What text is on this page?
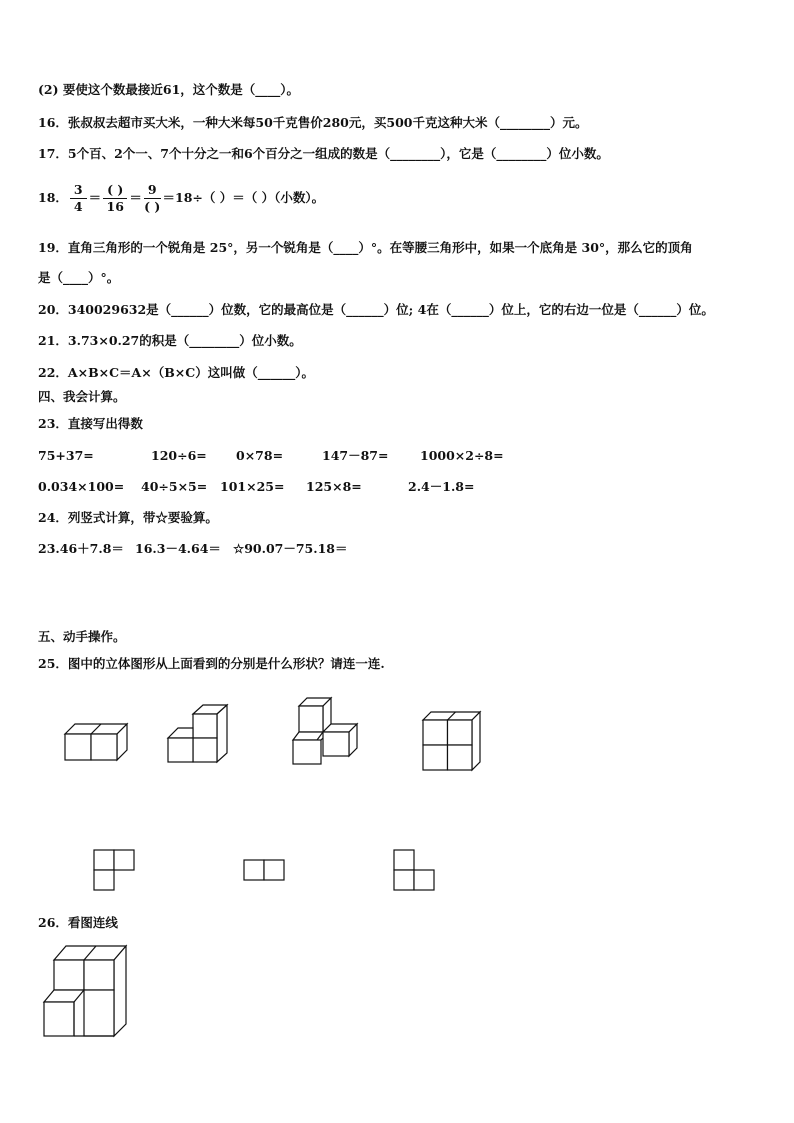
(2) 要使这个数最接近61，这个数是（____）。
16．张叔叔去超市买大米，一种大米每50千克售价280元，买500千克这种大米（________）元。
17．5个百、2个一、7个十分之一和6个百分之一组成的数是（________），它是（________）位小数。
18． $\frac{3}{4} = \frac{( )}{16} = \frac{9}{( )} =18\div$（ ）＝（ ）（小数）。
19．直角三角形的一个锐角是 25°，另一个锐角是（____）°。在等腰三角形中，如果一个底角是 30°，那么它的顶角
是（____）°。
20．340029632是（______）位数，它的最高位是（______）位; 4在（______）位上，它的右边一位是（______）位。
21．3.73×0.27的积是（________）位小数。
22．A×B×C＝A×（B×C）这叫做（______）。
四、我会计算。
23．直接写出得数
75+37=	120÷6= 0×78=	147－87=	1000×2÷8=
0.034×100= 40÷5×5= 101×25= 125×8=	2.4－1.8=
24．列竖式计算，带☆要验算。
23.46＋7.8＝ 16.3－4.64＝ ☆90.07－75.18＝
五、动手操作。
25．图中的立体图形从上面看到的分别是什么形状？请连一连.
26．看图连线
